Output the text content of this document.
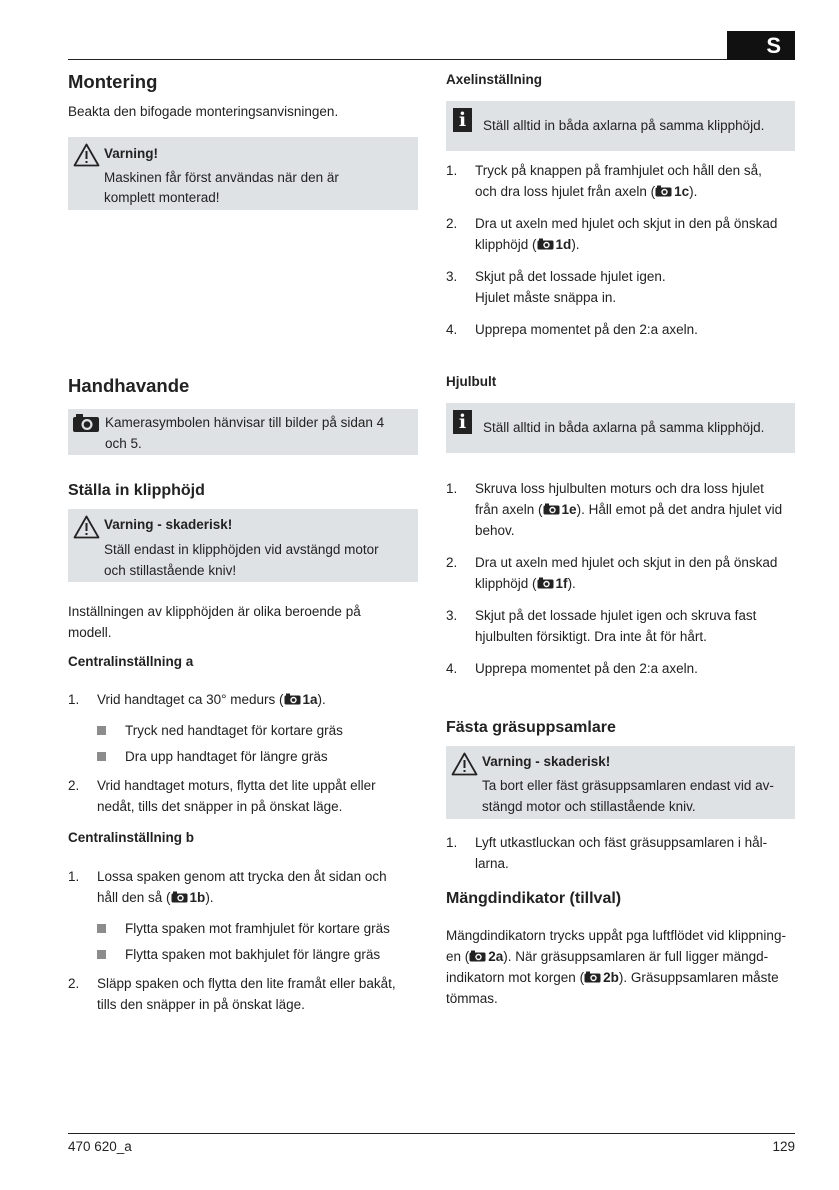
S
470 620_a	129
Montering

Beakta den bifogade monteringsanvisningen.

Varning!
Maskinen får först användas när den är
komplett monterad!
Handhavande
Kamerasymbolen hänvisar till bilder på sidan 4
och 5.
Ställa in klipphöjd
Varning - skaderisk!
Ställ endast in klipphöjden vid avstängd motor
och stillastående kniv!

Inställningen av klipphöjden är olika beroende på

modell.

Centralinställning a
1. Vrid handtaget ca 30° medurs ( 1a).

Tryck ned handtaget för kortare gräs

Dra upp handtaget för längre gräs

2. Vrid handtaget moturs, flytta det lite uppåt eller
nedåt, tills det snäpper in på önskat läge.
Centralinställning b
1. Lossa spaken genom att trycka den åt sidan och
håll den så ( 1b).

Flytta spaken mot framhjulet för kortare gräs

Flytta spaken mot bakhjulet för längre gräs

2. Släpp spaken och flytta den lite framåt eller bakåt,
tills den snäpper in på önskat läge.
Axelinställning
i	Ställ alltid in båda axlarna på samma klipphöjd.
1. Tryck på knappen på framhjulet och håll den så,
och dra loss hjulet från axeln ( 1c).
2. Dra ut axeln med hjulet och skjut in den på önskad
klipphöjd ( 1d).
3. Skjut på det lossade hjulet igen.
Hjulet måste snäppa in.
4. Upprepa momentet på den 2:a axeln.
Hjulbult
i	Ställ alltid in båda axlarna på samma klipphöjd.
1. Skruva loss hjulbulten moturs och dra loss hjulet
från axeln ( 1e). Håll emot på det andra hjulet vid
behov.
2. Dra ut axeln med hjulet och skjut in den på önskad
klipphöjd ( 1f).
3. Skjut på det lossade hjulet igen och skruva fast
hjulbulten försiktigt. Dra inte åt för hårt.
4. Upprepa momentet på den 2:a axeln.
Fästa gräsuppsamlare
Varning - skaderisk!
Ta bort eller fäst gräsuppsamlaren endast vid av-
stängd motor och stillastående kniv.
1. Lyft utkastluckan och fäst gräsuppsamlaren i hål-
larna.
Mängdindikator (tillval)

Mängdindikatorn trycks uppåt pga luftflödet vid klippning-

en ( 2a). När gräsuppsamlaren är full ligger mängd-

indikatorn mot korgen ( 2b). Gräsuppsamlaren måste

tömmas.
